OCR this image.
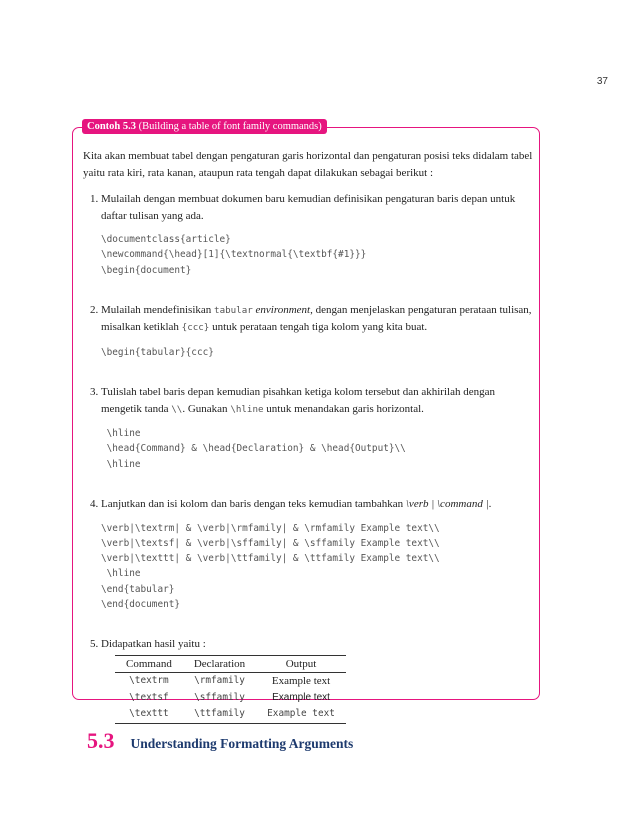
37
Contoh 5.3 (Building a table of font family commands)

Kita akan membuat tabel dengan pengaturan garis horizontal dan pengaturan posisi teks didalam tabel yaitu rata kiri, rata kanan, ataupun rata tengah dapat dilakukan sebagai berikut :

1. Mulailah dengan membuat dokumen baru kemudian definisikan pengaturan baris depan untuk daftar tulisan yang ada.
\documentclass{article}
\newcommand{\head}[1]{\textnormal{\textbf{#1}}}
\begin{document}
2. Mulailah mendefinisikan tabular environment, dengan menjelaskan pengaturan perataan tulisan, misalkan ketiklah {ccc} untuk perataan tengah tiga kolom yang kita buat.
\begin{tabular}{ccc}
3. Tulislah tabel baris depan kemudian pisahkan ketiga kolom tersebut dan akhirilah dengan mengetik tanda \\. Gunakan \hline untuk menandakan garis horizontal.
\hline
\head{Command} & \head{Declaration} & \head{Output}\\
\hline
4. Lanjutkan dan isi kolom dan baris dengan teks kemudian tambahkan \verb | \command |.
\verb|\textrm| & \verb|\rmfamily| & \rmfamily Example text\\
\verb|\textsf| & \verb|\sffamily| & \sffamily Example text\\
\verb|\texttt| & \verb|\ttfamily| & \ttfamily Example text\\
\hline
\end{tabular}
\end{document}
5. Didapatkan hasil yaitu :
Command	Declaration	Output
\textrm	\rmfamily	Example text
\textsf	\sffamily	Example text
\texttt	\ttfamily	Example text
5.3 Understanding Formatting Arguments
